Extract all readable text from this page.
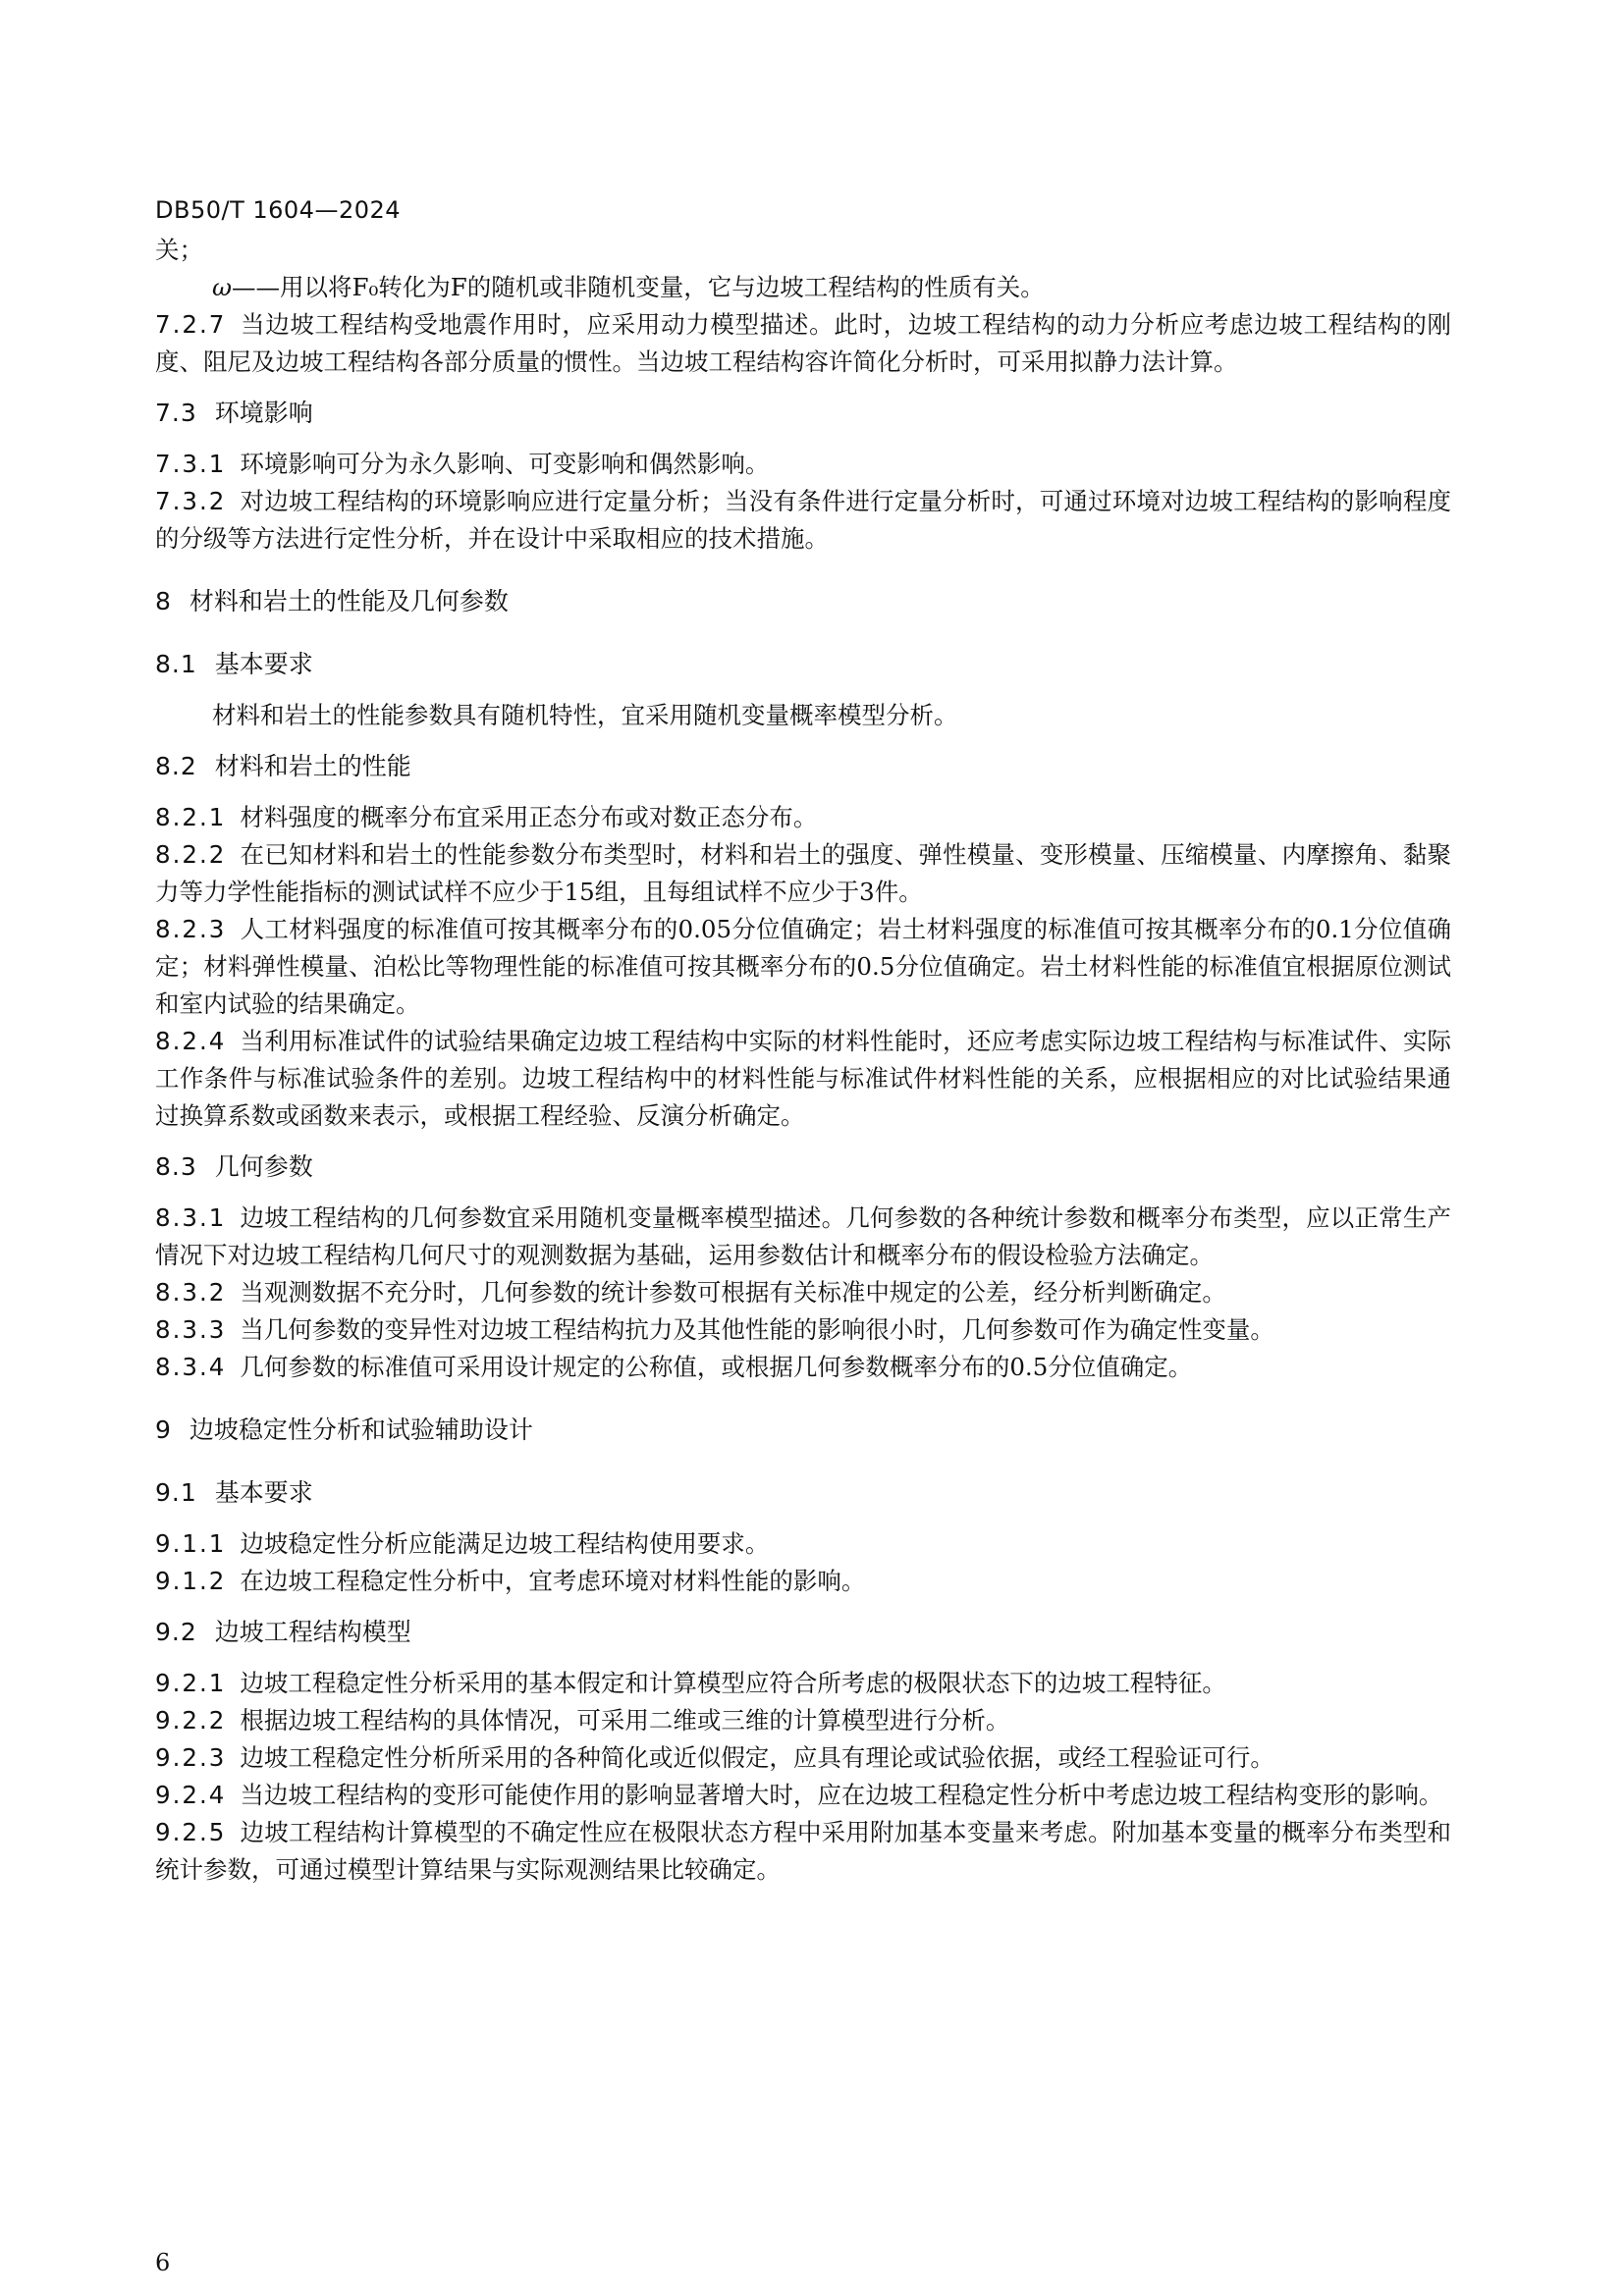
DB50/T 1604—2024

关；

ω——用以将F₀转化为F的随机或非随机变量，它与边坡工程结构的性质有关。

7.2.7 当边坡工程结构受地震作用时，应采用动力模型描述。此时，边坡工程结构的动力分析应考虑边坡工程结构的刚度、阻尼及边坡工程结构各部分质量的惯性。当边坡工程结构容许简化分析时，可采用拟静力法计算。

7.3 环境影响

7.3.1 环境影响可分为永久影响、可变影响和偶然影响。

7.3.2 对边坡工程结构的环境影响应进行定量分析；当没有条件进行定量分析时，可通过环境对边坡工程结构的影响程度的分级等方法进行定性分析，并在设计中采取相应的技术措施。

8 材料和岩土的性能及几何参数
8.1 基本要求

材料和岩土的性能参数具有随机特性，宜采用随机变量概率模型分析。

8.2 材料和岩土的性能

8.2.1 材料强度的概率分布宜采用正态分布或对数正态分布。

8.2.2 在已知材料和岩土的性能参数分布类型时，材料和岩土的强度、弹性模量、变形模量、压缩模量、内摩擦角、黏聚力等力学性能指标的测试试样不应少于15组，且每组试样不应少于3件。

8.2.3 人工材料强度的标准值可按其概率分布的0.05分位值确定；岩土材料强度的标准值可按其概率分布的0.1分位值确定；材料弹性模量、泊松比等物理性能的标准值可按其概率分布的0.5分位值确定。岩土材料性能的标准值宜根据原位测试和室内试验的结果确定。

8.2.4 当利用标准试件的试验结果确定边坡工程结构中实际的材料性能时，还应考虑实际边坡工程结构与标准试件、实际工作条件与标准试验条件的差别。边坡工程结构中的材料性能与标准试件材料性能的关系，应根据相应的对比试验结果通过换算系数或函数来表示，或根据工程经验、反演分析确定。

8.3 几何参数

8.3.1 边坡工程结构的几何参数宜采用随机变量概率模型描述。几何参数的各种统计参数和概率分布类型，应以正常生产情况下对边坡工程结构几何尺寸的观测数据为基础，运用参数估计和概率分布的假设检验方法确定。

8.3.2 当观测数据不充分时，几何参数的统计参数可根据有关标准中规定的公差，经分析判断确定。

8.3.3 当几何参数的变异性对边坡工程结构抗力及其他性能的影响很小时，几何参数可作为确定性变量。

8.3.4 几何参数的标准值可采用设计规定的公称值，或根据几何参数概率分布的0.5分位值确定。

9 边坡稳定性分析和试验辅助设计
9.1 基本要求

9.1.1 边坡稳定性分析应能满足边坡工程结构使用要求。

9.1.2 在边坡工程稳定性分析中，宜考虑环境对材料性能的影响。

9.2 边坡工程结构模型

9.2.1 边坡工程稳定性分析采用的基本假定和计算模型应符合所考虑的极限状态下的边坡工程特征。

9.2.2 根据边坡工程结构的具体情况，可采用二维或三维的计算模型进行分析。

9.2.3 边坡工程稳定性分析所采用的各种简化或近似假定，应具有理论或试验依据，或经工程验证可行。

9.2.4 当边坡工程结构的变形可能使作用的影响显著增大时，应在边坡工程稳定性分析中考虑边坡工程结构变形的影响。

9.2.5 边坡工程结构计算模型的不确定性应在极限状态方程中采用附加基本变量来考虑。附加基本变量的概率分布类型和统计参数，可通过模型计算结果与实际观测结果比较确定。

6
